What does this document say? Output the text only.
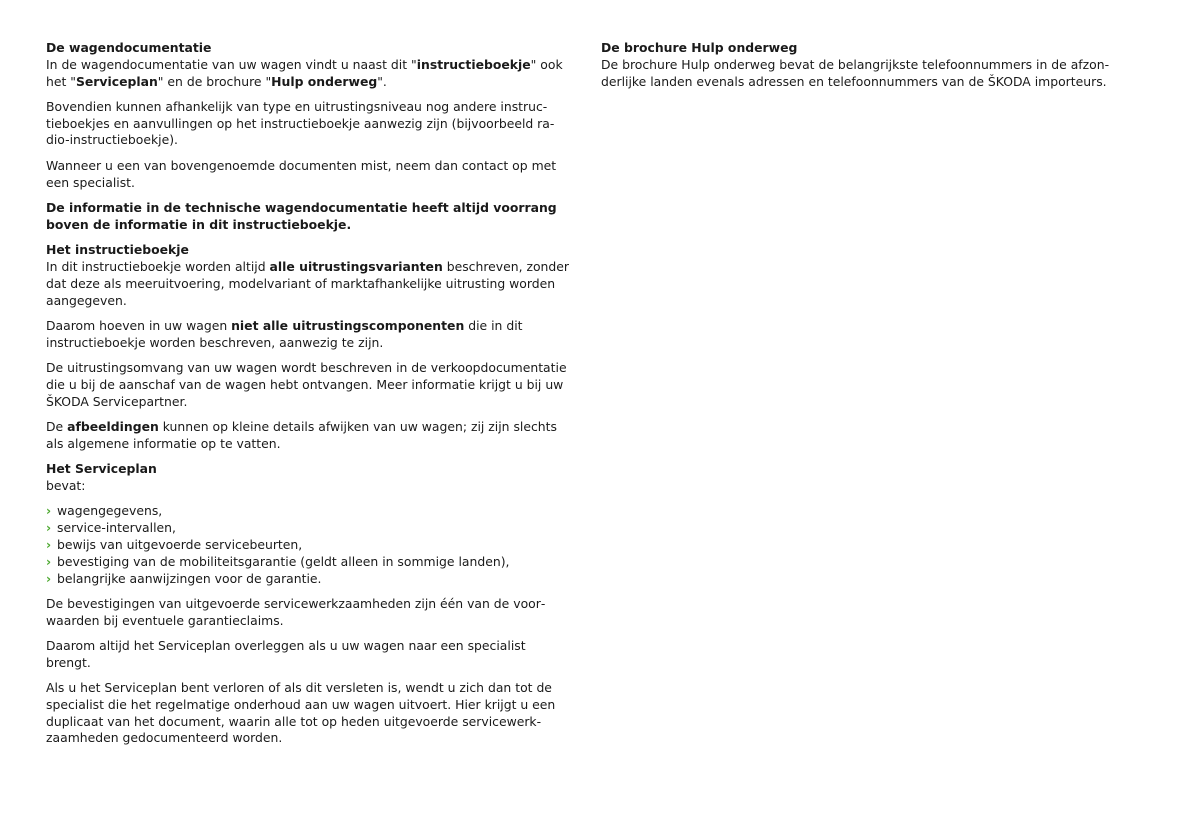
De wagendocumentatie

In de wagendocumentatie van uw wagen vindt u naast dit "instructieboekje" ook het "Serviceplan" en de brochure "Hulp onderweg".

Bovendien kunnen afhankelijk van type en uitrustingsniveau nog andere instructieboekjes en aanvullingen op het instructieboekje aanwezig zijn (bijvoorbeeld radio-instructieboekje).

Wanneer u een van bovengenoemde documenten mist, neem dan contact op met een specialist.

De informatie in de technische wagendocumentatie heeft altijd voorrang boven de informatie in dit instructieboekje.

Het instructieboekje

In dit instructieboekje worden altijd alle uitrustingsvarianten beschreven, zonder dat deze als meeruitvoering, modelvariant of marktafhankelijke uitrusting worden aangegeven.

Daarom hoeven in uw wagen niet alle uitrustingscomponenten die in dit instructieboekje worden beschreven, aanwezig te zijn.

De uitrustingsomvang van uw wagen wordt beschreven in de verkoopdocumentatie die u bij de aanschaf van de wagen hebt ontvangen. Meer informatie krijgt u bij uw ŠKODA Servicepartner.

De afbeeldingen kunnen op kleine details afwijken van uw wagen; zij zijn slechts als algemene informatie op te vatten.

Het Serviceplan

bevat:

› wagengegevens,
› service-intervallen,
› bewijs van uitgevoerde servicebeurten,
› bevestiging van de mobiliteitsgarantie (geldt alleen in sommige landen),
› belangrijke aanwijzingen voor de garantie.

De bevestigingen van uitgevoerde servicewerkzaamheden zijn één van de voorwaarden bij eventuele garantieclaims.

Daarom altijd het Serviceplan overleggen als u uw wagen naar een specialist brengt.

Als u het Serviceplan bent verloren of als dit versleten is, wendt u zich dan tot de specialist die het regelmatige onderhoud aan uw wagen uitvoert. Hier krijgt u een duplicaat van het document, waarin alle tot op heden uitgevoerde servicewerkzaamheden gedocumenteerd worden.

De brochure Hulp onderweg

De brochure Hulp onderweg bevat de belangrijkste telefoonnummers in de afzonderlijke landen evenals adressen en telefoonnummers van de ŠKODA importeurs.
